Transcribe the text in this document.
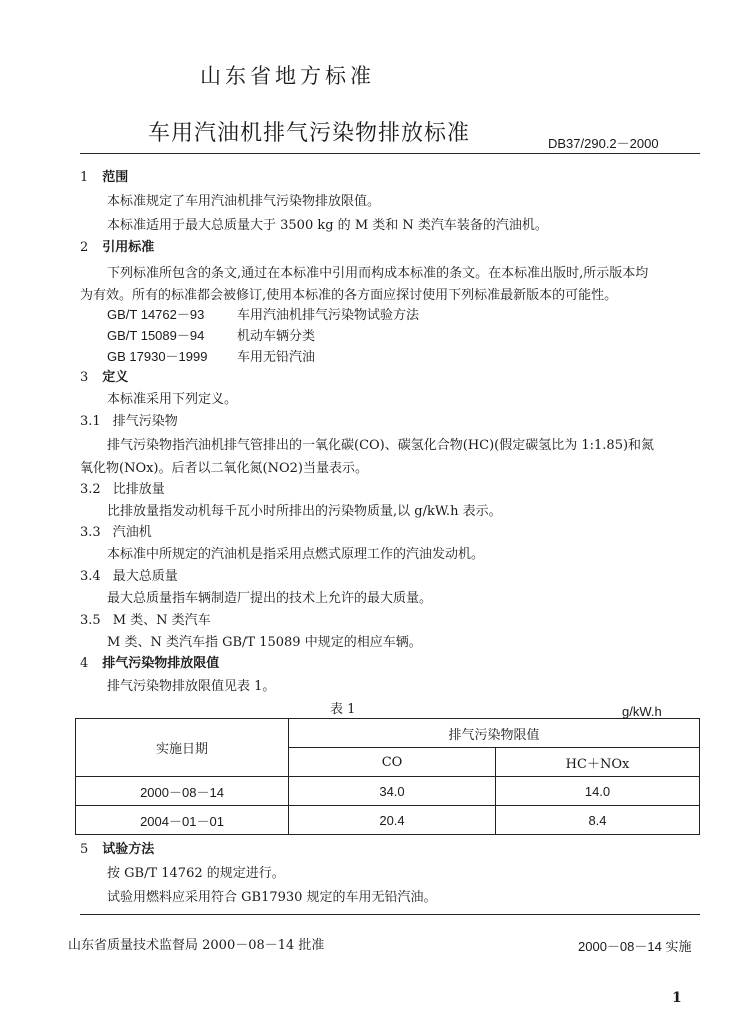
山东省地方标准
车用汽油机排气污染物排放标准	DB37/290.2－2000
1 范围
本标准规定了车用汽油机排气污染物排放限值。
本标准适用于最大总质量大于 3500 kg 的 M 类和 N 类汽车装备的汽油机。
2 引用标准
下列标准所包含的条文,通过在本标准中引用而构成本标准的条文。在本标准出版时,所示版本均
为有效。所有的标准都会被修订,使用本标准的各方面应探讨使用下列标准最新版本的可能性。
GB/T 14762－93	车用汽油机排气污染物试验方法
GB/T 15089－94	机动车辆分类
GB 17930－1999 车用无铅汽油
3 定义
本标准采用下列定义。
3.1 排气污染物
排气污染物指汽油机排气管排出的一氧化碳(CO)、碳氢化合物(HC)(假定碳氢比为 1:1.85)和氮
氧化物(NOx)。后者以二氧化氮(NO2)当量表示。
3.2 比排放量
比排放量指发动机每千瓦小时所排出的污染物质量,以 g/kW.h 表示。
3.3 汽油机
本标准中所规定的汽油机是指采用点燃式原理工作的汽油发动机。
3.4 最大总质量
最大总质量指车辆制造厂提出的技术上允许的最大质量。
3.5 M 类、N 类汽车
M 类、N 类汽车指 GB/T 15089 中规定的相应车辆。
4 排气污染物排放限值
排气污染物排放限值见表 1。
表 1	g/kW.h
实施日期	排气污染物限值	
	CO	HC＋NOx
2000－08－14	34.0	14.0
2004－01－01	20.4	8.4
5 试验方法
按 GB/T 14762 的规定进行。
试验用燃料应采用符合 GB17930 规定的车用无铅汽油。
山东省质量技术监督局 2000－08－14 批准	2000－08－14 实施
1
